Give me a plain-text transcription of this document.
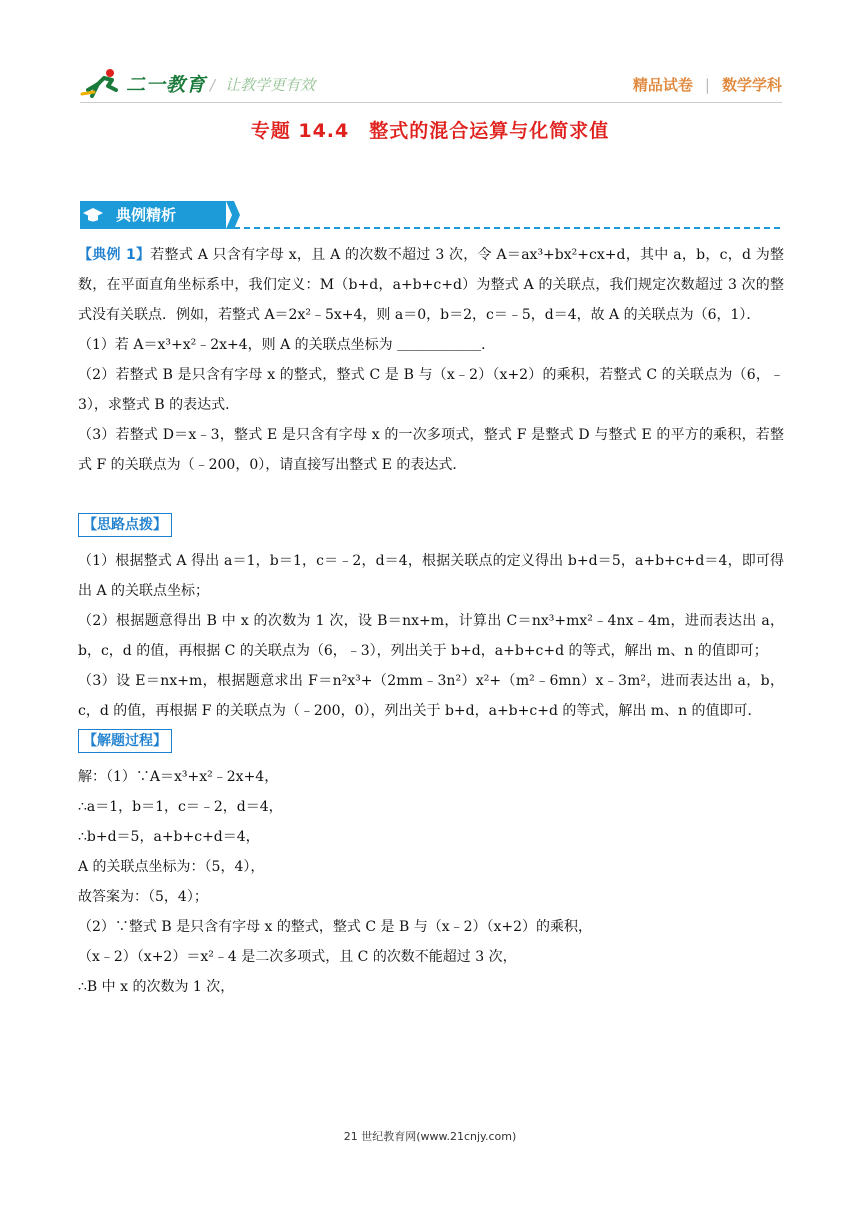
二一教育 / 让教学更有效	精品试卷 | 数学学科
专题 14.4　整式的混合运算与化简求值
典例精析

【典例 1】若整式 A 只含有字母 x，且 A 的次数不超过 3 次，令 A＝ax³+bx²+cx+d，其中 a，b，c，d 为整数，在平面直角坐标系中，我们定义：M（b+d，a+b+c+d）为整式 A 的关联点，我们规定次数超过 3 次的整式没有关联点．例如，若整式 A＝2x²﹣5x+4，则 a＝0，b＝2，c＝﹣5，d＝4，故 A 的关联点为（6，1）．

（1）若 A＝x³+x²﹣2x+4，则 A 的关联点坐标为 ＿＿＿＿＿＿．

（2）若整式 B 是只含有字母 x 的整式，整式 C 是 B 与（x﹣2）（x+2）的乘积，若整式 C 的关联点为（6，﹣3），求整式 B 的表达式．

（3）若整式 D＝x﹣3，整式 E 是只含有字母 x 的一次多项式，整式 F 是整式 D 与整式 E 的平方的乘积，若整式 F 的关联点为（﹣200，0），请直接写出整式 E 的表达式．

【思路点拨】

（1）根据整式 A 得出 a＝1，b＝1，c＝﹣2，d＝4，根据关联点的定义得出 b+d＝5，a+b+c+d＝4，即可得出 A 的关联点坐标；

（2）根据题意得出 B 中 x 的次数为 1 次，设 B＝nx+m，计算出 C＝nx³+mx²﹣4nx﹣4m，进而表达出 a，b，c，d 的值，再根据 C 的关联点为（6，﹣3），列出关于 b+d，a+b+c+d 的等式，解出 m、n 的值即可；

（3）设 E＝nx+m，根据题意求出 F＝n²x³+（2mm﹣3n²）x²+（m²﹣6mn）x﹣3m²，进而表达出 a，b，c，d 的值，再根据 F 的关联点为（﹣200，0），列出关于 b+d，a+b+c+d 的等式，解出 m、n 的值即可．

【解题过程】

解：（1）∵A＝x³+x²﹣2x+4，

∴a＝1，b＝1，c＝﹣2，d＝4，

∴b+d＝5，a+b+c+d＝4，

A 的关联点坐标为：（5，4），

故答案为：（5，4）；

（2）∵整式 B 是只含有字母 x 的整式，整式 C 是 B 与（x﹣2）（x+2）的乘积，

（x﹣2）（x+2）＝x²﹣4 是二次多项式，且 C 的次数不能超过 3 次，

∴B 中 x 的次数为 1 次，

21 世纪教育网(www.21cnjy.com)
